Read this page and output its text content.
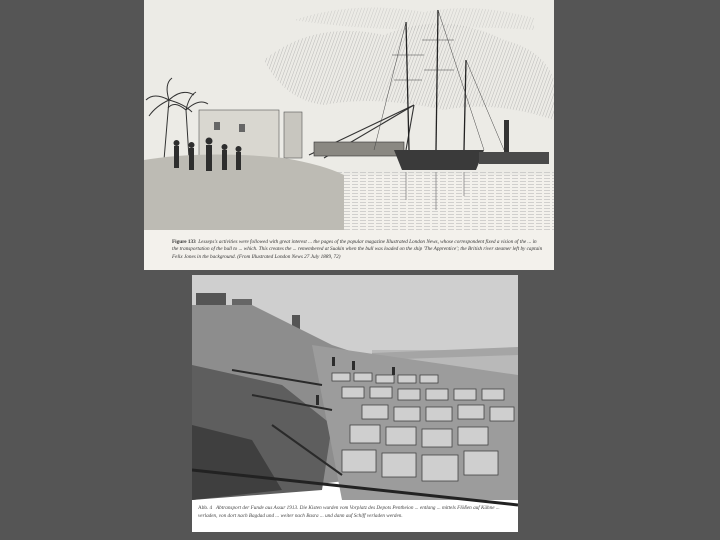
Figure 133 Lesseps's activities were followed with great interest ... the pages of the popular magazine Illustrated London News, whose correspondent fixed a vision of the ... in the transportation of the bull to ... which. This creates the ... remembered at Suakin when the bull was loaded on the ship 'The Apprentice'; the British river steamer left by captain Felix Jones in the background. (From Illustrated London News 27 July 1889, 72)

Abb. 4 Abtransport der Funde aus Assur 1913. Die Kisten wurden vom Vorplatz des Depots Pentheion ... entlang ... mittels Flößen auf Kähne ... verladen, von dort nach Bagdad und ... weiter nach Basra ... und dann auf Schiff verladen werden.
